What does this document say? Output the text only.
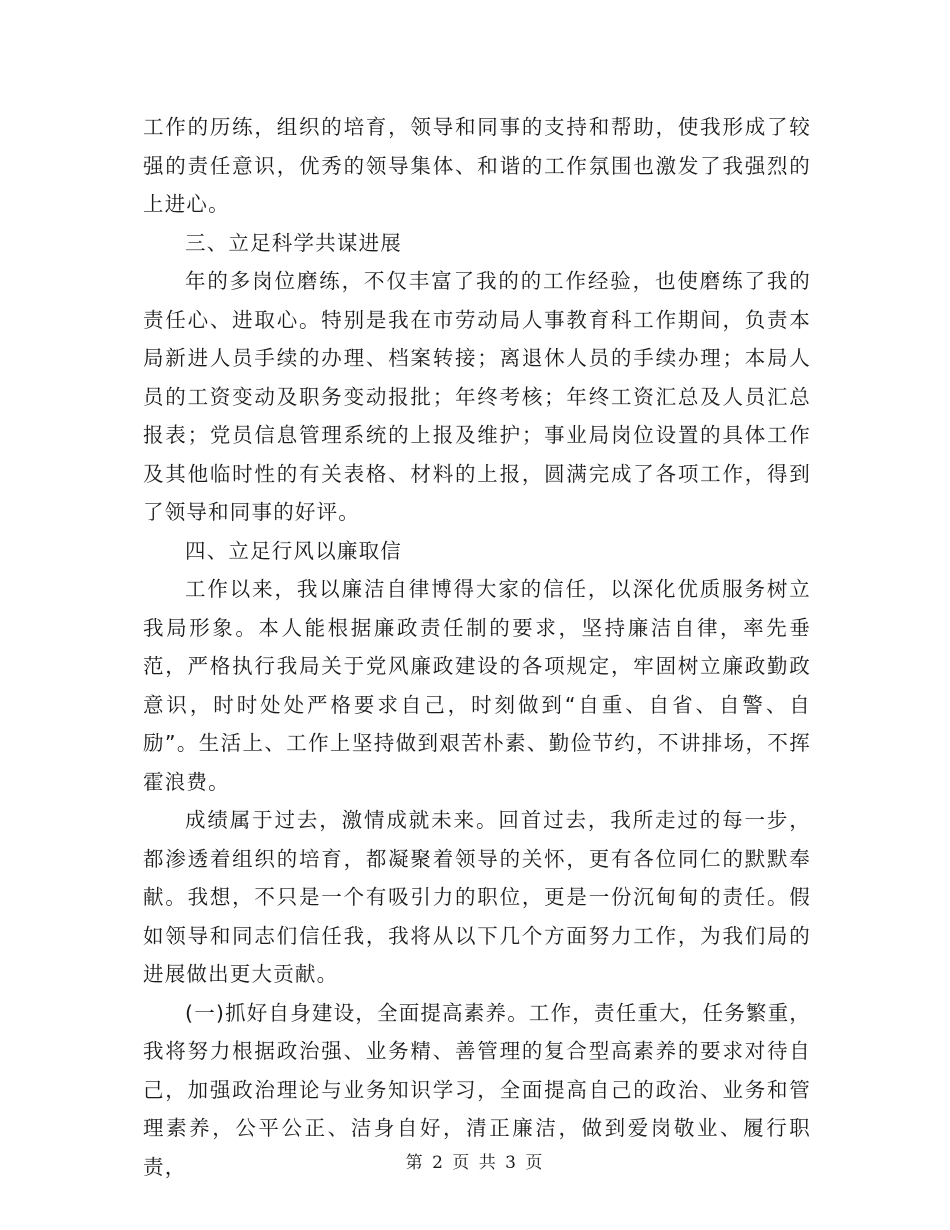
工作的历练，组织的培育，领导和同事的支持和帮助，使我形成了较强的责任意识，优秀的领导集体、和谐的工作氛围也激发了我强烈的上进心。

三、立足科学共谋进展

年的多岗位磨练，不仅丰富了我的的工作经验，也使磨练了我的责任心、进取心。特别是我在市劳动局人事教育科工作期间，负责本局新进人员手续的办理、档案转接；离退休人员的手续办理；本局人员的工资变动及职务变动报批；年终考核；年终工资汇总及人员汇总报表；党员信息管理系统的上报及维护；事业局岗位设置的具体工作及其他临时性的有关表格、材料的上报，圆满完成了各项工作，得到了领导和同事的好评。

四、立足行风以廉取信

工作以来，我以廉洁自律博得大家的信任，以深化优质服务树立我局形象。本人能根据廉政责任制的要求，坚持廉洁自律，率先垂范，严格执行我局关于党风廉政建设的各项规定，牢固树立廉政勤政意识，时时处处严格要求自己，时刻做到“自重、自省、自警、自励”。生活上、工作上坚持做到艰苦朴素、勤俭节约，不讲排场，不挥霍浪费。

成绩属于过去，激情成就未来。回首过去，我所走过的每一步，都渗透着组织的培育，都凝聚着领导的关怀，更有各位同仁的默默奉献。我想，不只是一个有吸引力的职位，更是一份沉甸甸的责任。假如领导和同志们信任我，我将从以下几个方面努力工作，为我们局的进展做出更大贡献。

(一)抓好自身建设，全面提高素养。工作，责任重大，任务繁重，我将努力根据政治强、业务精、善管理的复合型高素养的要求对待自己，加强政治理论与业务知识学习，全面提高自己的政治、业务和管理素养，公平公正、洁身自好，清正廉洁，做到爱岗敬业、履行职责，	第 2 页 共 3 页
